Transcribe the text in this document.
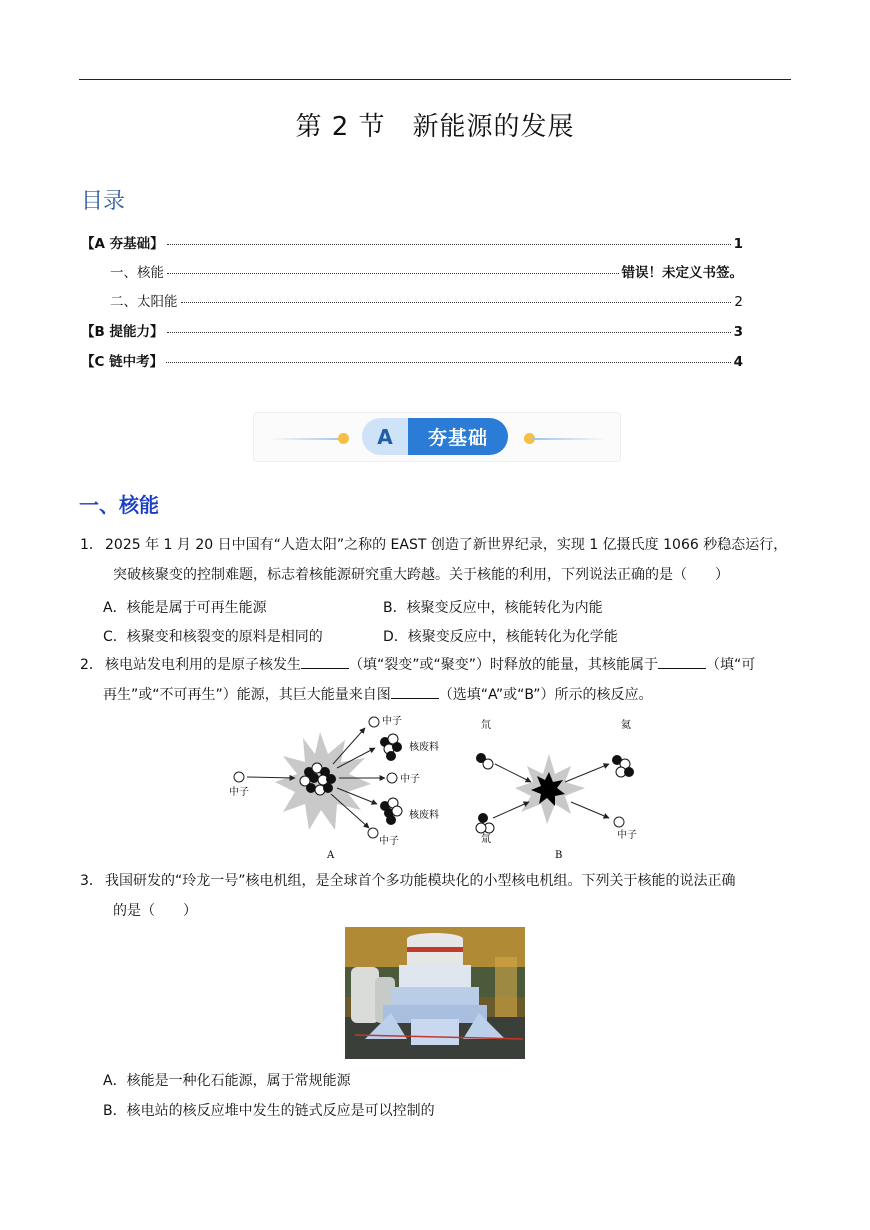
第 2 节　新能源的发展
目录
【A 夯基础】	1
一、核能	错误！未定义书签。
二、太阳能	2
【B 提能力】	3
【C 链中考】	4
A	夯基础
一、核能
1． 2025 年 1 月 20 日中国有“人造太阳”之称的 EAST 创造了新世界纪录，实现 1 亿摄氏度 1066 秒稳态运行，
突破核聚变的控制难题，标志着核能源研究重大跨越。关于核能的利用，下列说法正确的是（　　）
A．核能是属于可再生能源	B．核聚变反应中，核能转化为内能
C．核聚变和核裂变的原料是相同的	D．核聚变反应中，核能转化为化学能
2． 核电站发电利用的是原子核发生	（填“裂变”或“聚变”）时释放的能量，其核能属于	（填“可
再生”或“不可再生”）能源，其巨大能量来自图	（选填“A”或“B”）所示的核反应。
中子
中子
核废料
中子
核废料
中子
A
氘
氚
氦
中子
B
3． 我国研发的“玲龙一号”核电机组，是全球首个多功能模块化的小型核电机组。下列关于核能的说法正确
的是（　　）
A．核能是一种化石能源，属于常规能源
B．核电站的核反应堆中发生的链式反应是可以控制的
